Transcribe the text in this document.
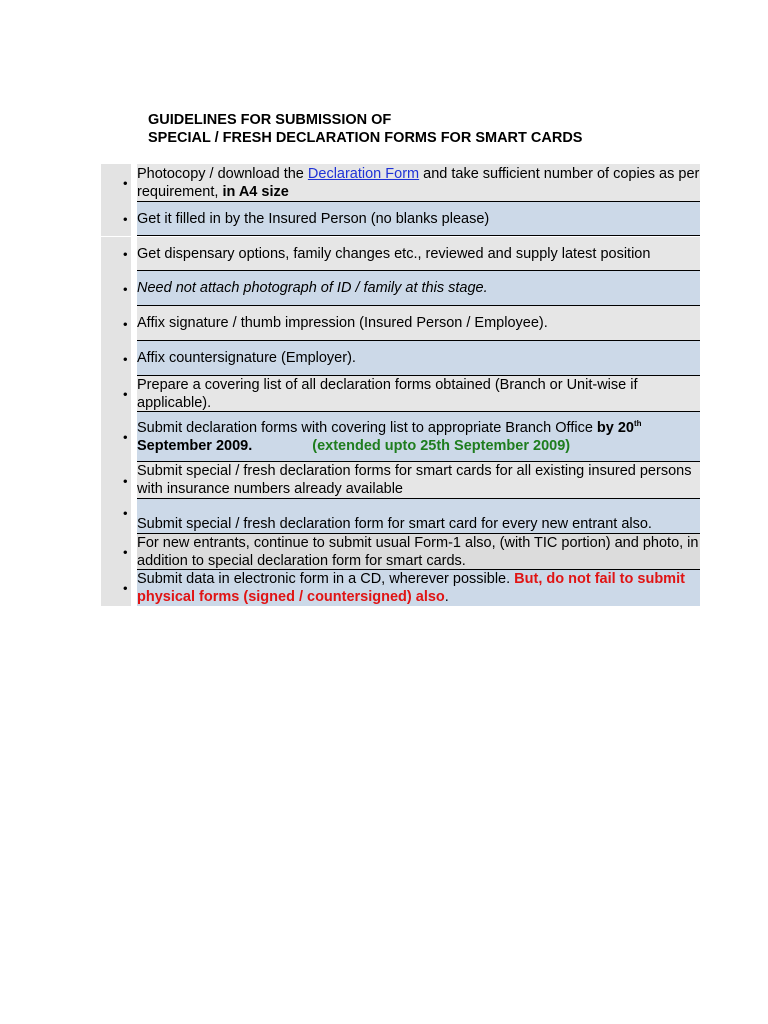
GUIDELINES FOR SUBMISSION OF
SPECIAL / FRESH DECLARATION FORMS FOR SMART CARDS
•
Photocopy / download the Declaration Form and take sufficient number of copies as per requirement, in A4 size
• Get it filled in by the Insured Person (no blanks please)
• Get dispensary options, family changes etc., reviewed and supply latest position
• Need not attach photograph of ID / family at this stage.
• Affix signature / thumb impression (Insured Person / Employee).
• Affix countersignature (Employer).
•
Prepare a covering list of all declaration forms obtained (Branch or Unit-wise if applicable).
•
Submit declaration forms with covering list to appropriate Branch Office by 20th
September 2009.	(extended upto 25th September 2009)
•
Submit special / fresh declaration forms for smart cards for all existing insured persons with insurance numbers already available
•
Submit special / fresh declaration form for smart card for every new entrant also.
•
For new entrants, continue to submit usual Form-1 also, (with TIC portion) and photo, in addition to special declaration form for smart cards.
•
Submit data in electronic form in a CD, wherever possible. But, do not fail to submit physical forms (signed / countersigned) also.
